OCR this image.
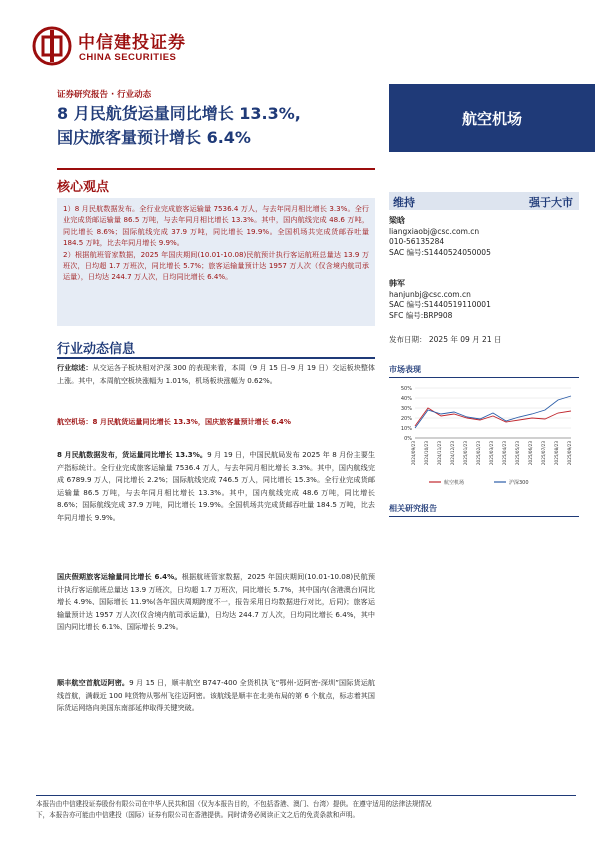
中信建投证券
CHINA SECURITIES
证券研究报告 · 行业动态
8 月民航货运量同比增长 13.3%,
国庆旅客量预计增长 6.4%
航空机场
核心观点

1）8 月民航数据发布。全行业完成旅客运输量 7536.4 万人，与去年同月相比增长 3.3%。全行业完成货邮运输量 86.5 万吨，与去年同月相比增长 13.3%。其中，国内航线完成 48.6 万吨，同比增长 8.6%；国际航线完成 37.9 万吨，同比增长 19.9%。全国机场共完成货邮吞吐量 184.5 万吨，比去年同月增长 9.9%。

2）根据航班管家数据，2025 年国庆期间(10.01-10.08)民航预计执行客运航班总量达 13.9 万班次，日均超 1.7 万班次，同比增长 5.7%；旅客运输量预计达 1957 万人次（仅含境内航司承运量），日均达 244.7 万人次，日均同比增长 6.4%。

行业动态信息
行业综述：从交运各子板块相对沪深 300 的表现来看，本周（9 月 15 日–9 月 19 日）交运板块整体上涨。其中，本周航空板块涨幅为 1.01%，机场板块涨幅为 0.62%。
航空机场：8 月民航货运量同比增长 13.3%，国庆旅客量预计增长 6.4%
8 月民航数据发布，货运量同比增长 13.3%。9 月 19 日，中国民航局发布 2025 年 8 月份主要生产指标统计。全行业完成旅客运输量 7536.4 万人，与去年同月相比增长 3.3%。其中，国内航线完成 6789.9 万人，同比增长 2.2%；国际航线完成 746.5 万人，同比增长 15.3%。全行业完成货邮运输量 86.5 万吨，与去年同月相比增长 13.3%。其中，国内航线完成 48.6 万吨，同比增长 8.6%；国际航线完成 37.9 万吨，同比增长 19.9%。全国机场共完成货邮吞吐量 184.5 万吨，比去年同月增长 9.9%。
国庆假期旅客运输量同比增长 6.4%。根据航班管家数据，2025 年国庆期间(10.01-10.08)民航预计执行客运航班总量达 13.9 万班次，日均超 1.7 万班次，同比增长 5.7%，其中国内(含港澳台)同比增长 4.9%、国际增长 11.9%(各年国庆周期跨度不一，报告采用日均数据进行对比，后同)；旅客运输量预计达 1957 万人次(仅含境内航司承运量)，日均达 244.7 万人次，日均同比增长 6.4%，其中国内同比增长 6.1%、国际增长 9.2%。
顺丰航空首航迈阿密。9 月 15 日，顺丰航空 B747-400 全货机执飞“鄂州-迈阿密-深圳”国际货运航线首航，满载近 100 吨货物从鄂州飞往迈阿密。该航线是顺丰在北美布局的第 6 个航点，标志着其国际货运网络向美国东南部延伸取得关键突破。
维持	强于大市
梁晗
liangxiaobj@csc.com.cn
010-56135284
SAC 编号:S1440524050005
韩军
hanjunbj@csc.com.cn
SAC 编号:S1440519110001
SFC 编号:BRP908
发布日期： 2025 年 09 月 21 日
市场表现
0%
10%
20%
30%
40%
50%
2024/09/23 2024/10/23 2024/11/23 2024/12/23 2025/01/23 2025/02/23 2025/03/23 2025/04/23 2025/05/23 2025/06/23 2025/07/23 2025/08/23 2025/09/23
航空机场	沪深300
相关研究报告
本报告由中信建投证券股份有限公司在中华人民共和国（仅为本报告目的，不包括香港、澳门、台湾）提供。在遵守适用的法律法规情况
下，本报告亦可能由中信建投（国际）证券有限公司在香港提供。同时请务必阅读正文之后的免责条款和声明。
